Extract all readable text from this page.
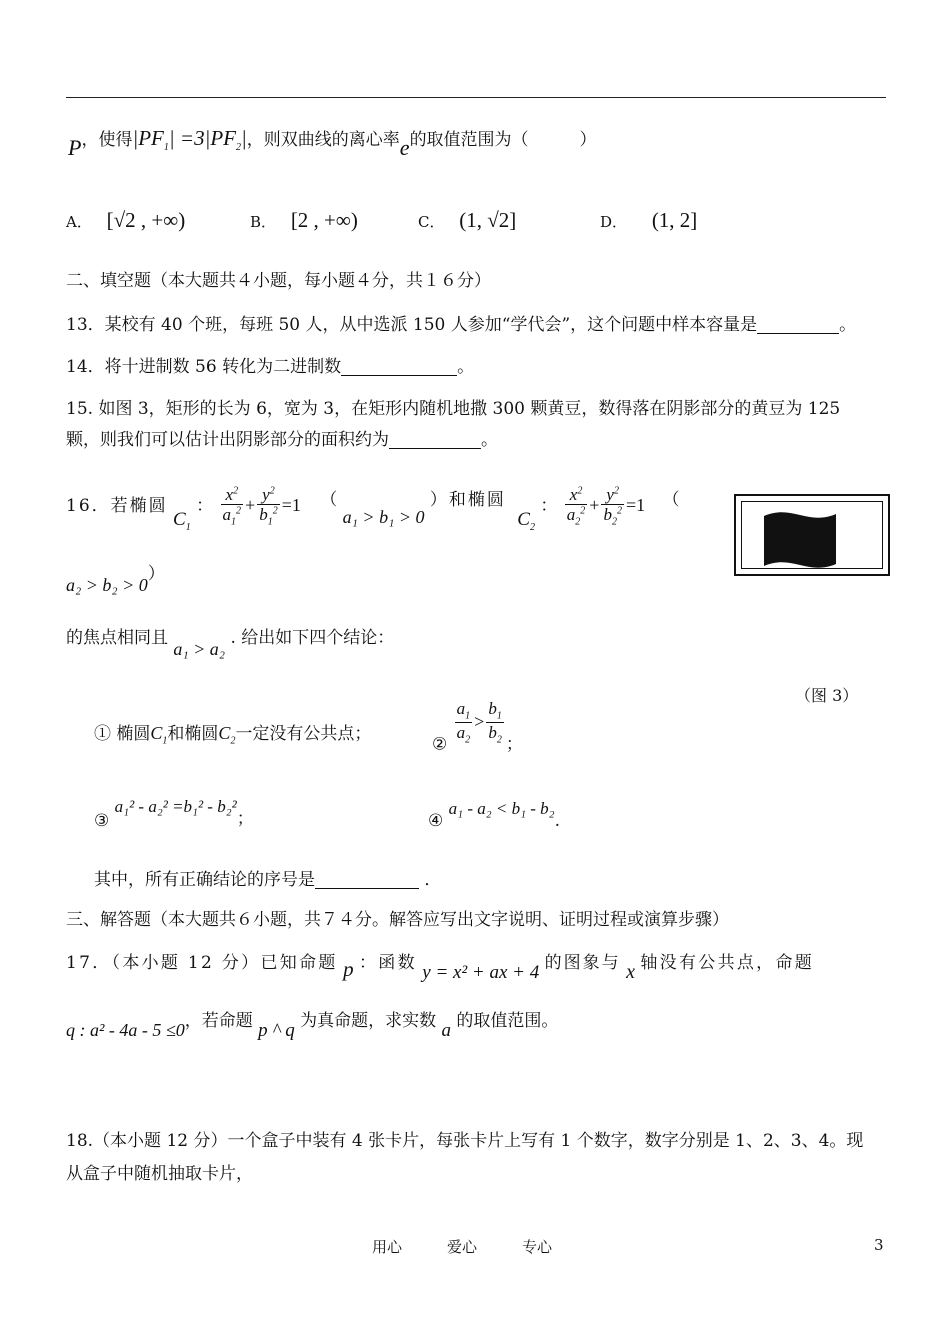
P，使得$|PF_1| =3|PF_2|$，则双曲线的离心率e的取值范围为（　　　）
A． [√2 , +∞)	B． [2 , +∞)	C． (1, √2]	D． (1, 2]
二、填空题（本大题共４小题，每小题４分，共１６分）
13．某校有 40 个班，每班 50 人，从中选派 150 人参加“学代会”，这个问题中样本容量是	。
14．将十进制数 56 转化为二进制数	。
15. 如图 3，矩形的长为 6，宽为 3，在矩形内随机地撒 300 颗黄豆，数得落在阴影部分的黄豆为 125
颗，则我们可以估计出阴影部分的面积约为	。
16．若椭圆 $C_1$ ： $\frac{x^2}{a_1^2} + \frac{y^2}{b_1^2} =1$ （ a₁ > b₁ > 0 ）和椭圆 $C_2$ ： $\frac{x^2}{a_2^2} + \frac{y^2}{b_2^2} =1$ （
a₂ > b₂ > 0）
的焦点相同且 a₁ > a₂ . 给出如下四个结论：
（图 3）
① 椭圆$C_1$和椭圆$C_2$一定没有公共点；
② $\frac{a_1}{a_2} > \frac{b_1}{b_2}$ ；
③ a₁² - a₂² =b₁² - b₂²；	④ a₁ - a₂ < b₁ - b₂.
其中，所有正确结论的序号是	．
三、解答题（本大题共６小题，共７４分。解答应写出文字说明、证明过程或演算步骤）
17．（本小题 12 分）已知命题 p ：函数 y = x² + ax + 4 的图象与 x 轴没有公共点，命题
q : a² - 4a - 5 ≤0，若命题 p ^ q 为真命题，求实数 a 的取值范围。
18.（本小题 12 分）一个盒子中装有 4 张卡片，每张卡片上写有 1 个数字，数字分别是 1、2、3、4。现
从盒子中随机抽取卡片，
用心　　　爱心　　　专心	3
